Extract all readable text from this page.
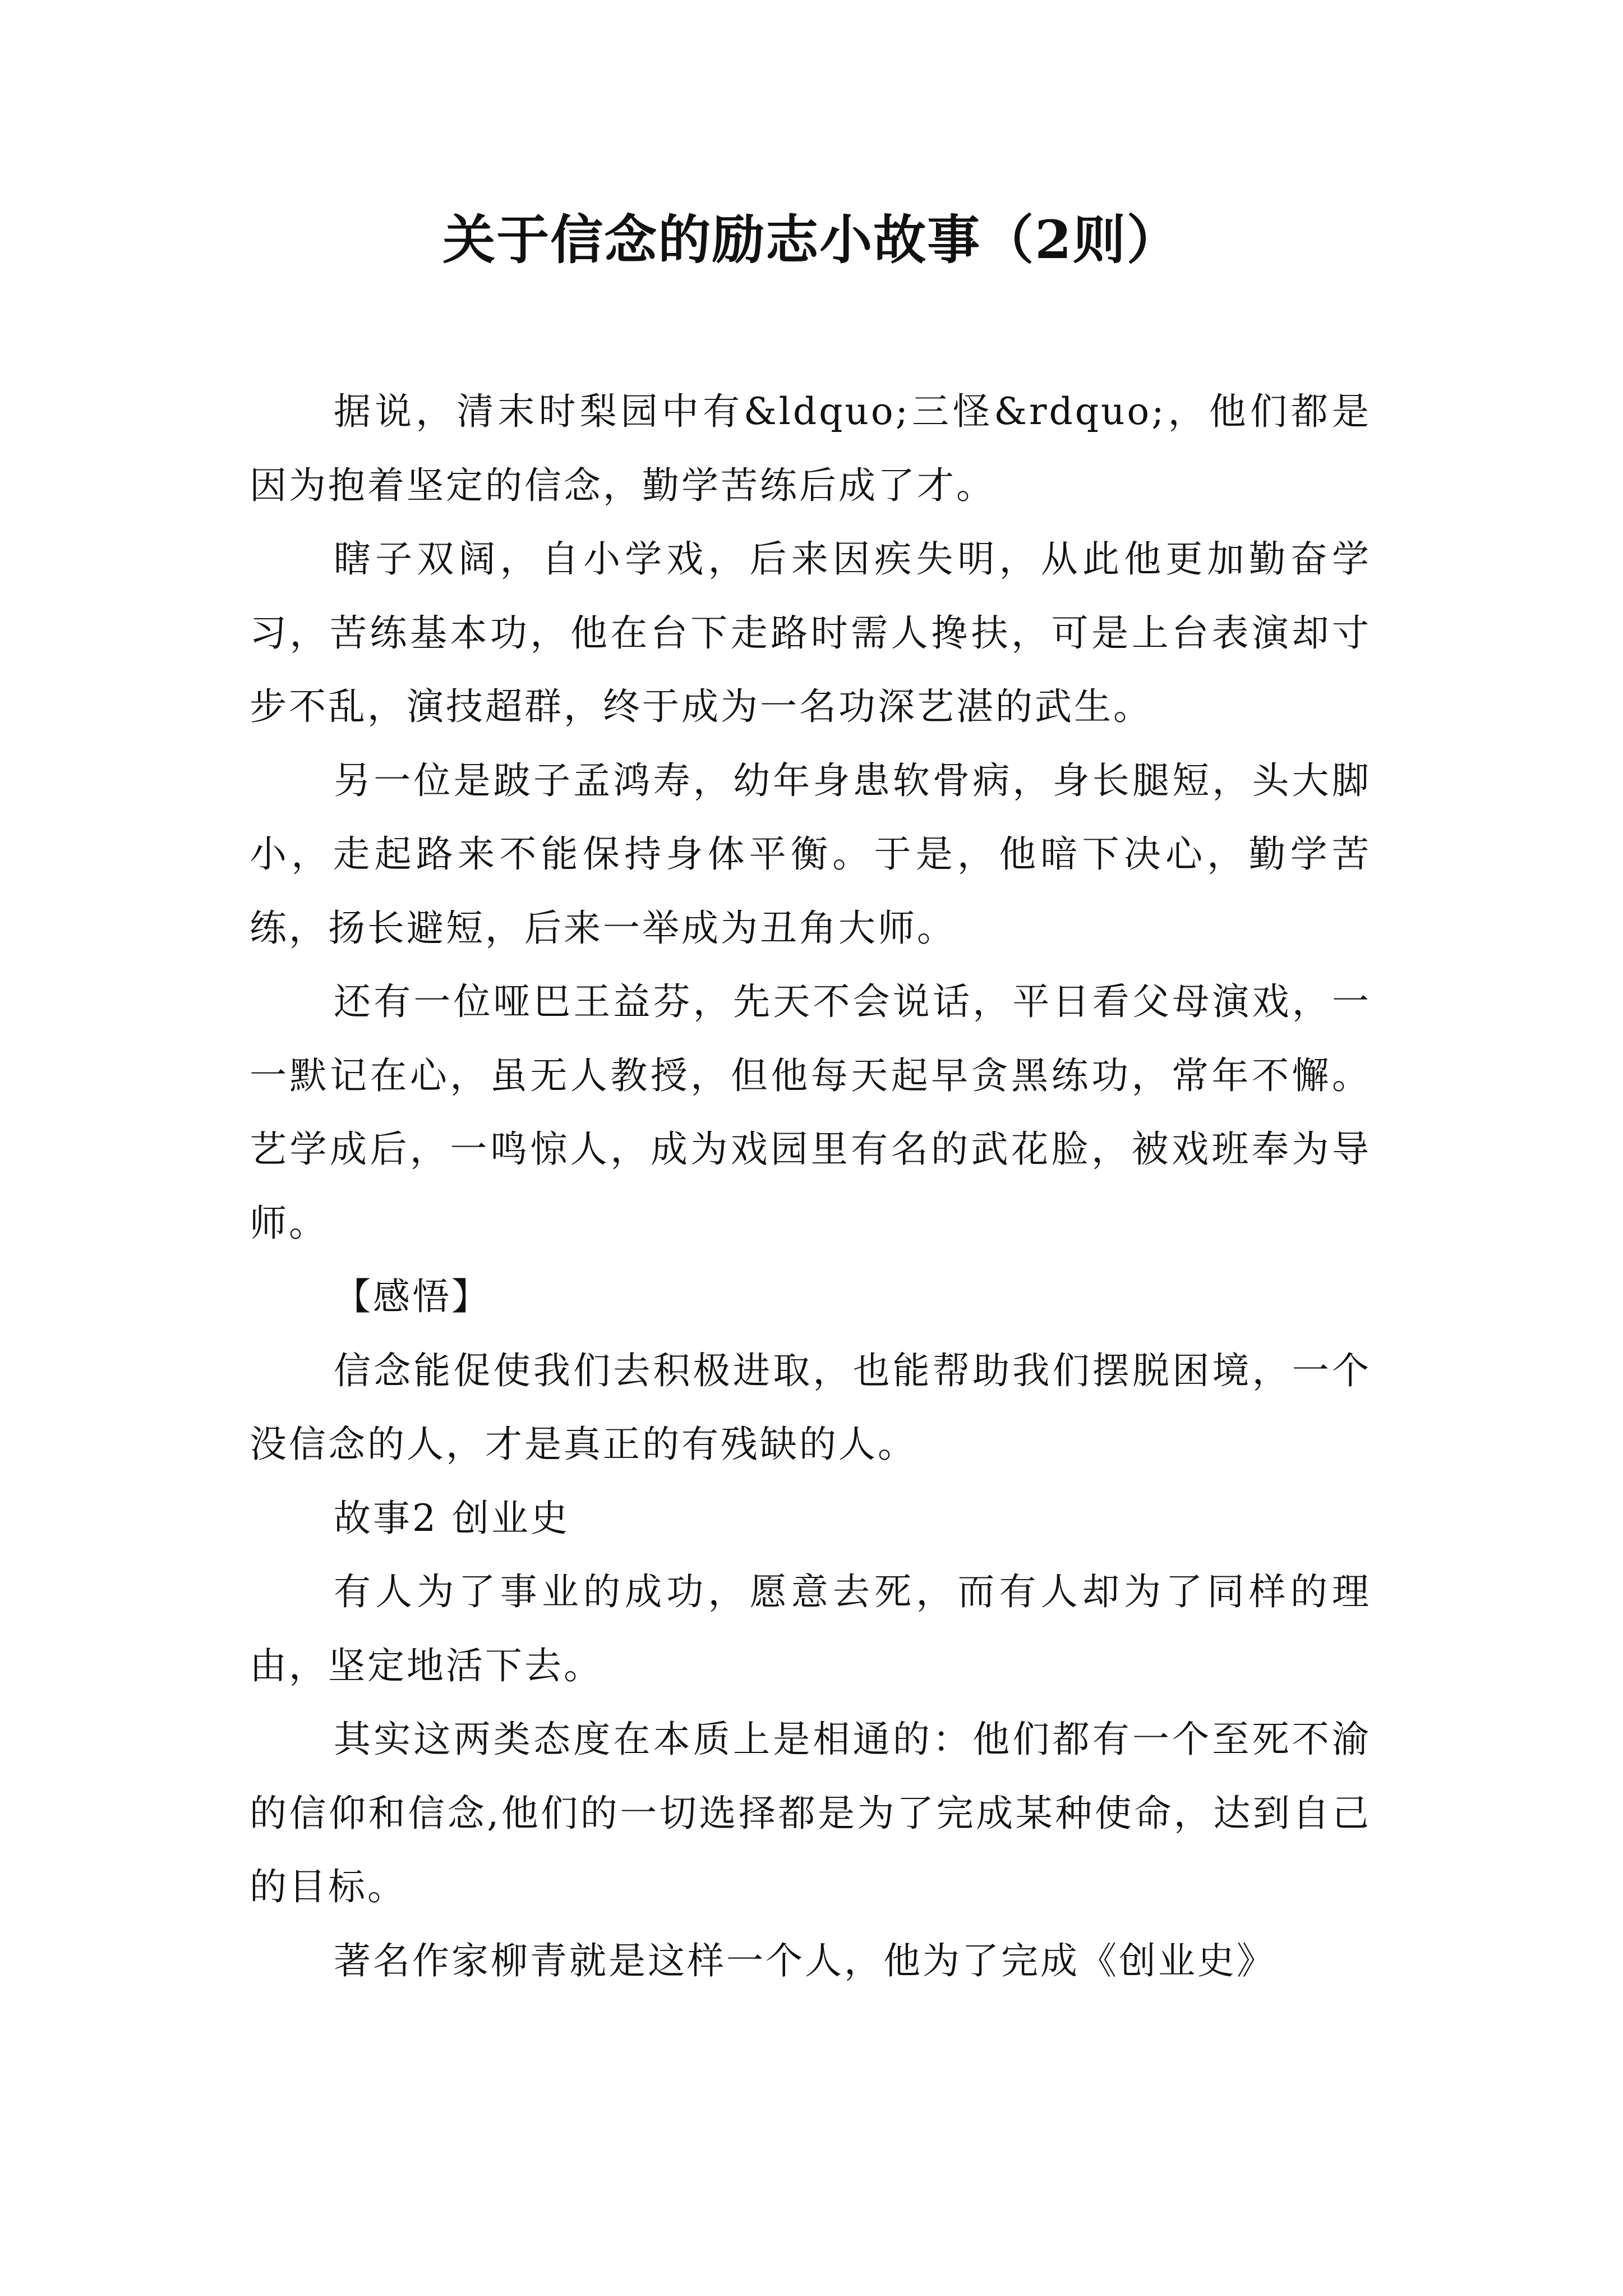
关于信念的励志小故事（2则）

据说，清末时梨园中有&ldquo;三怪&rdquo;，他们都是因为抱着坚定的信念，勤学苦练后成了才。

瞎子双阔，自小学戏，后来因疾失明，从此他更加勤奋学习，苦练基本功，他在台下走路时需人搀扶，可是上台表演却寸步不乱，演技超群，终于成为一名功深艺湛的武生。

另一位是跛子孟鸿寿，幼年身患软骨病，身长腿短，头大脚小，走起路来不能保持身体平衡。于是，他暗下决心，勤学苦练，扬长避短，后来一举成为丑角大师。

还有一位哑巴王益芬，先天不会说话，平日看父母演戏，一一默记在心，虽无人教授，但他每天起早贪黑练功，常年不懈。艺学成后，一鸣惊人，成为戏园里有名的武花脸，被戏班奉为导师。

【感悟】

信念能促使我们去积极进取，也能帮助我们摆脱困境，一个没信念的人，才是真正的有残缺的人。

故事2 创业史

有人为了事业的成功，愿意去死，而有人却为了同样的理由，坚定地活下去。

其实这两类态度在本质上是相通的：他们都有一个至死不渝的信仰和信念,他们的一切选择都是为了完成某种使命，达到自己的目标。

著名作家柳青就是这样一个人，他为了完成《创业史》
